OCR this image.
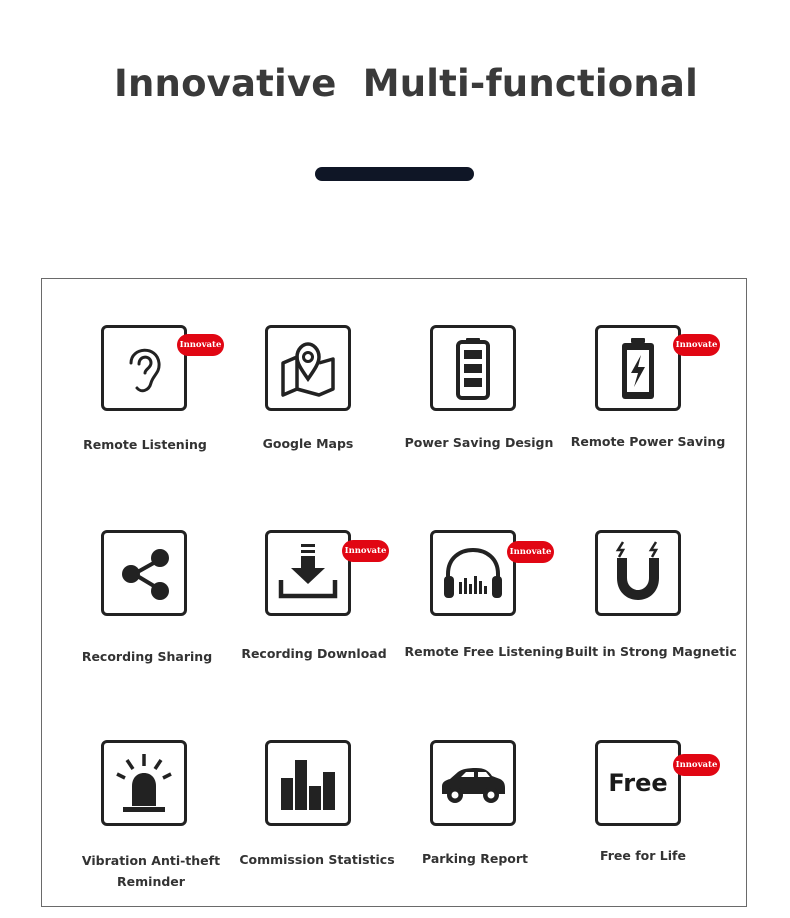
Innovative  Multi-functional
Innovate
Remote Listening	Google Maps	Power Saving Design
Innovate
Remote Power Saving
Recording Sharing
Innovate
Recording Download
Innovate
Remote Free Listening Built in Strong Magnetic
Vibration Anti-theft
Reminder
Commission Statistics	Parking Report
Free
Innovate
Free for Life
